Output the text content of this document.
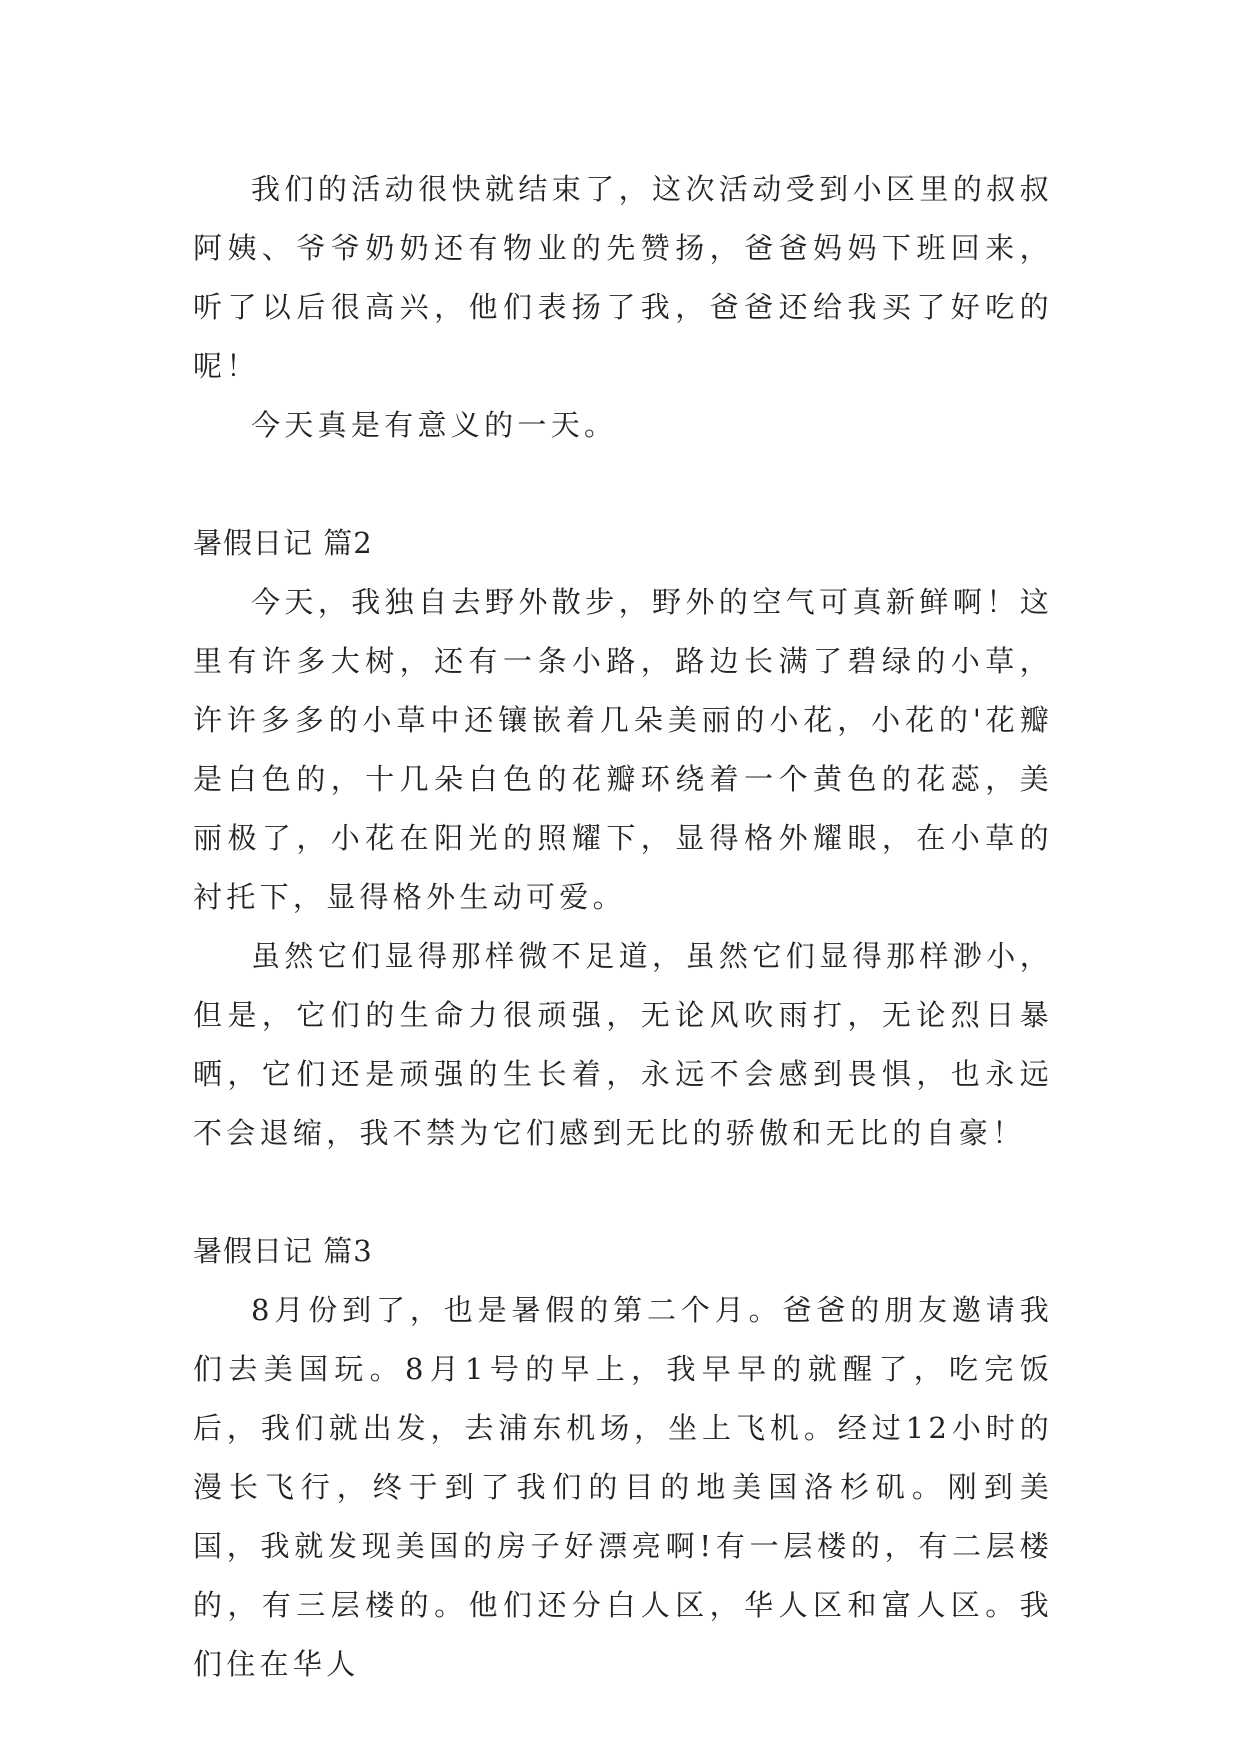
我们的活动很快就结束了，这次活动受到小区里的叔叔阿姨、爷爷奶奶还有物业的先赞扬，爸爸妈妈下班回来，听了以后很高兴，他们表扬了我，爸爸还给我买了好吃的呢！

今天真是有意义的一天。

暑假日记 篇2

今天，我独自去野外散步，野外的空气可真新鲜啊！这里有许多大树，还有一条小路，路边长满了碧绿的小草，许许多多的小草中还镶嵌着几朵美丽的小花，小花的'花瓣是白色的，十几朵白色的花瓣环绕着一个黄色的花蕊，美丽极了，小花在阳光的照耀下，显得格外耀眼，在小草的衬托下，显得格外生动可爱。

虽然它们显得那样微不足道，虽然它们显得那样渺小，但是，它们的生命力很顽强，无论风吹雨打，无论烈日暴晒，它们还是顽强的生长着，永远不会感到畏惧，也永远不会退缩，我不禁为它们感到无比的骄傲和无比的自豪！

暑假日记 篇3

8月份到了，也是暑假的第二个月。爸爸的朋友邀请我们去美国玩。8月1号的早上，我早早的就醒了，吃完饭后，我们就出发，去浦东机场，坐上飞机。经过12小时的漫长飞行，终于到了我们的目的地美国洛杉矶。刚到美国，我就发现美国的房子好漂亮啊!有一层楼的，有二层楼的，有三层楼的。他们还分白人区，华人区和富人区。我们住在华人
